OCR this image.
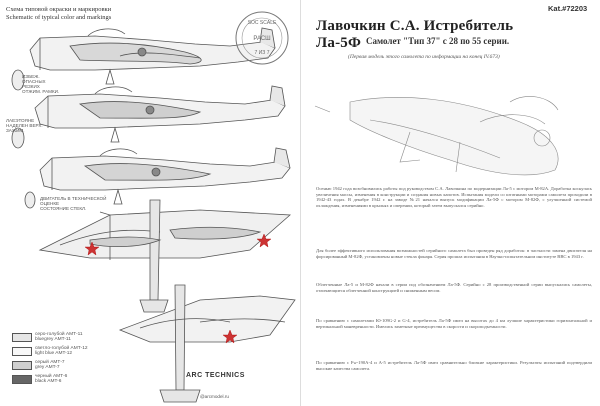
Схема типовой окраски и маркировки
Schematic of typical color and markings
ИЗБЕЖ. ОПАСНЫХ РЕЗКИХ ОТЖИМ. РАМКИ.
ЛАЕЭТОЯНЕ НАДЕЛЕН ВЕРХ. ЗАЖИМ.
ДВИГАТЕЛЬ В ТЕХНИЧЕСКОЙ ОЦЕНКЕ
СОСТОЯНИЕ СТЕКЛ.
серо-голубой АМТ-11
bluegrey AMT-11
светло-голубой АМТ-12
light blue AMT-12
серый АМТ-7
grey AMT-7
черный АМТ-6
black AMT-6
ARC TECHNICS
@arcmodel.ru
SOC SCALE
РАСШ
7 ИЗ 7
Kat.#72203
Лавочкин С.А. Истребитель Ла-5Ф Самолет "Тип 37" с 28 по 55 серии.
(Первая модель этого самолета по информации на конец IV.673)
Осенью 1942 года возобновились работы под руководством С.А. Лавочкина по модернизации Ла-5 с мотором М-82А. Доработка коснулась увеличения массы, изменения в конструкции и создания новых капотов. Испытания модели со штатными моторами самолета проходили в 1942-43 годах. В декабре 1942 г. на заводе №21 начался выпуск модификации Ла-5Ф с мотором М-82Ф, с улучшенной системой охлаждения, изменениями в крыльях и оперении, который затем выпускался серийно.
Для более эффективного использования возможностей серийного самолета был проведен ряд доработок: в частности замена двигателя на форсированный М-82Ф, установлены новые стекла фонаря. Серия прошла испытания в Научно-испытательном институте ВВС в 1943 г.
Облегченные Ла-5 и М-82Ф начали в серии под обозначением Ла-5Ф. Серийно с 28 производственной серии выпускались самолеты, отличающиеся облегченной конструкцией и сниженным весом.
По сравнению с самолетами Ю-109G-2 и G-4, истребитель Ла-5Ф имел на высотах до 4 км лучшие характеристики горизонтальной и вертикальной маневренности. Имелись заметные преимущества в скорости и скороподъемности.
По сравнению с Fw-190A-4 и А-5 истребитель Ла-5Ф имел сравнительно близкие характеристики. Результаты испытаний подтвердили высокие качества самолета.
